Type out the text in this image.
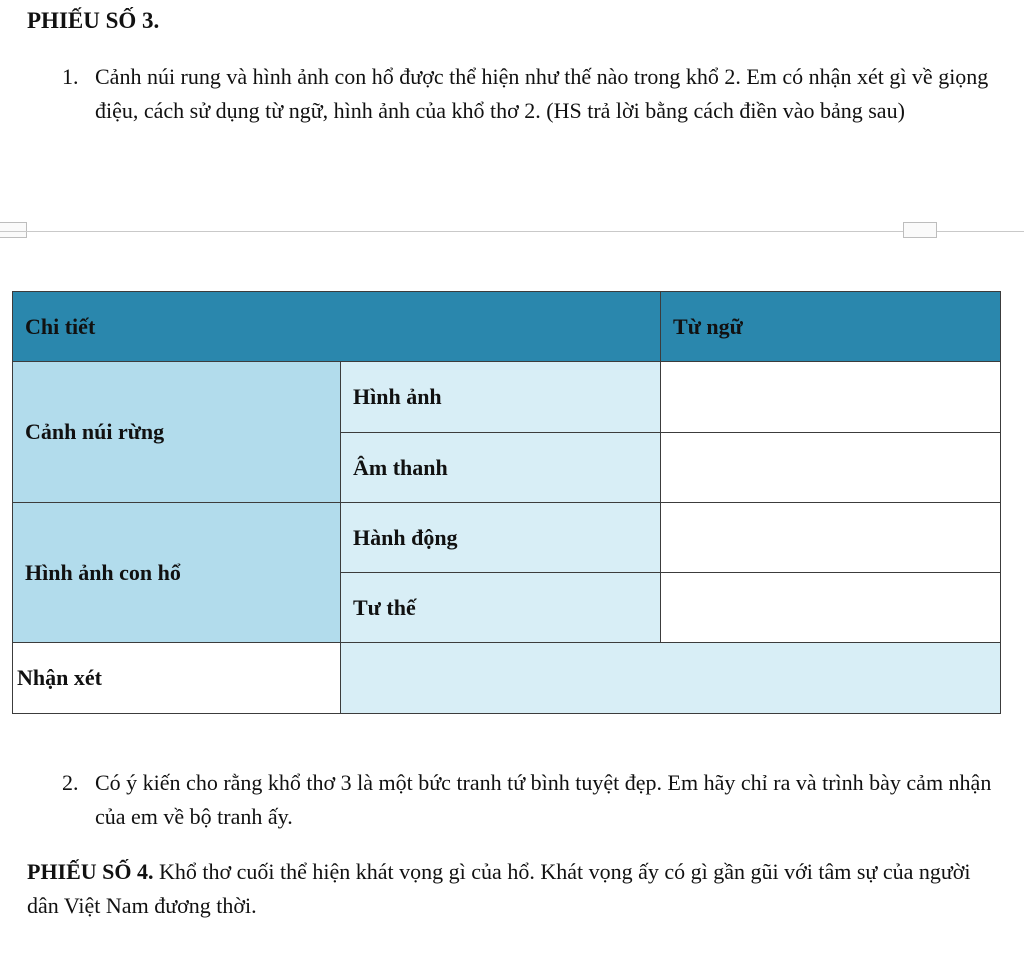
PHIẾU SỐ 3.
1. Cảnh núi rung và hình ảnh con hổ được thể hiện như thế nào trong khổ 2. Em có nhận xét gì về giọng điệu, cách sử dụng từ ngữ, hình ảnh của khổ thơ 2. (HS trả lời bằng cách điền vào bảng sau)
Chi tiết		Từ ngữ
Cảnh núi rừng	Hình ảnh	
	Âm thanh	
Hình ảnh con hổ	Hành động	
	Tư thế	
Nhận xét		
2. Có ý kiến cho rằng khổ thơ 3 là một bức tranh tứ bình tuyệt đẹp. Em hãy chỉ ra và trình bày cảm nhận của em về bộ tranh ấy.
PHIẾU SỐ 4. Khổ thơ cuối thể hiện khát vọng gì của hổ. Khát vọng ấy có gì gần gũi với tâm sự của người dân Việt Nam đương thời.
